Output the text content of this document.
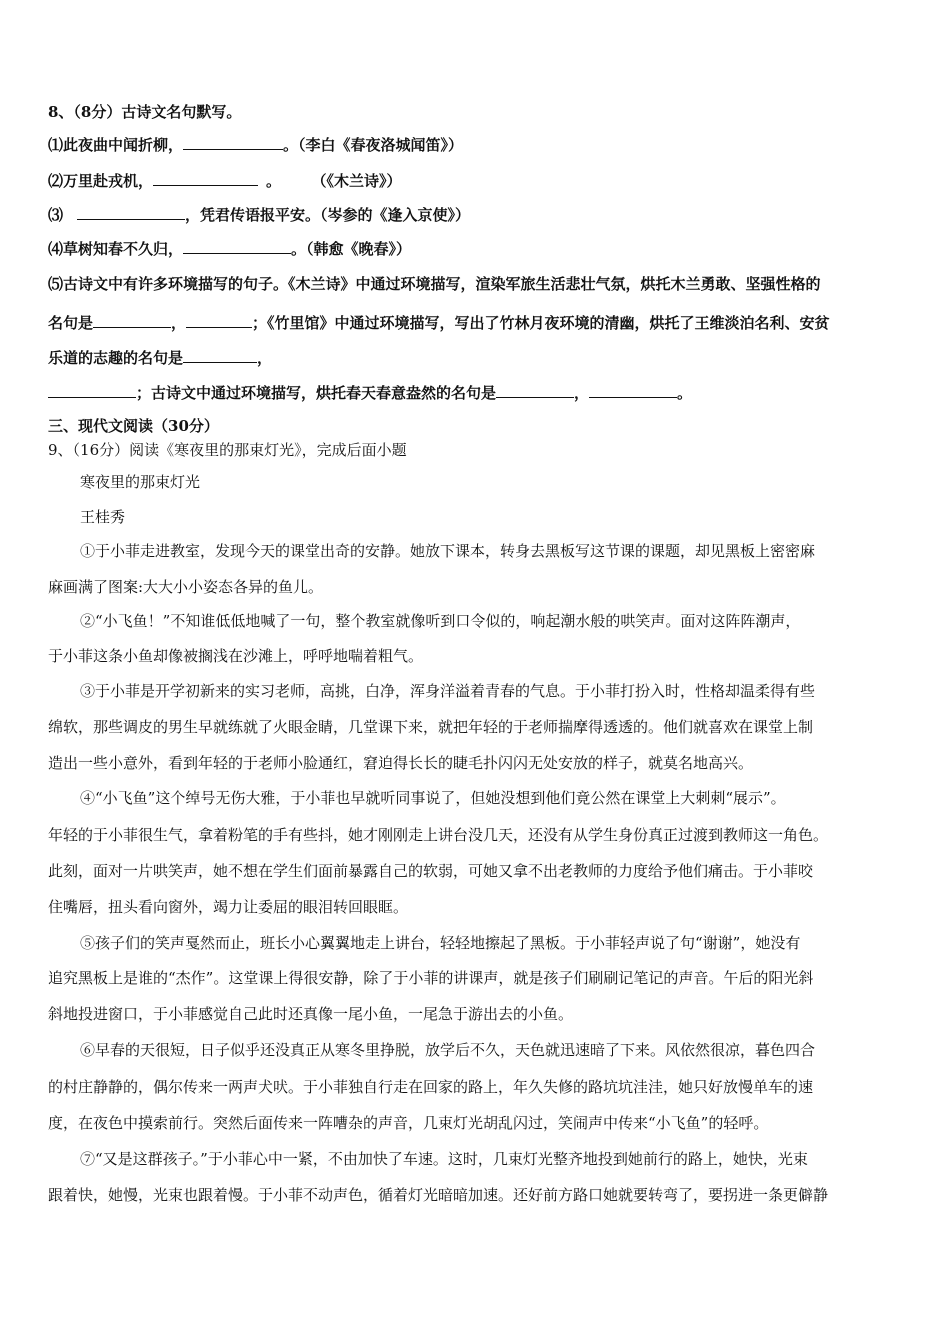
8、（8分）古诗文名句默写。

⑴此夜曲中闻折柳，	。（李白《春夜洛城闻笛》）

⑵万里赴戎机，	。	（《木兰诗》）

⑶	，凭君传语报平安。（岑参的《逢入京使》）

⑷草树知春不久归，	。（韩愈《晚春》）

⑸古诗文中有许多环境描写的句子。《木兰诗》中通过环境描写，渲染军旅生活悲壮气氛，烘托木兰勇敢、坚强性格的

名句是	，	；《竹里馆》中通过环境描写，写出了竹林月夜环境的清幽，烘托了王维淡泊名利、安贫

乐道的志趣的名句是	，

；古诗文中通过环境描写，烘托春天春意盎然的名句是	，	。

三、现代文阅读（30分）

9、（16分）阅读《寒夜里的那束灯光》，完成后面小题

寒夜里的那束灯光

王桂秀

①于小菲走进教室，发现今天的课堂出奇的安静。她放下课本，转身去黑板写这节课的课题，却见黑板上密密麻

麻画满了图案:大大小小姿态各异的鱼儿。

②“小飞鱼！”不知谁低低地喊了一句，整个教室就像听到口令似的，响起潮水般的哄笑声。面对这阵阵潮声，

于小菲这条小鱼却像被搁浅在沙滩上，呼呼地喘着粗气。

③于小菲是开学初新来的实习老师，高挑，白净，浑身洋溢着青春的气息。于小菲打扮入时，性格却温柔得有些

绵软，那些调皮的男生早就练就了火眼金睛，几堂课下来，就把年轻的于老师揣摩得透透的。他们就喜欢在课堂上制

造出一些小意外，看到年轻的于老师小脸通红，窘迫得长长的睫毛扑闪闪无处安放的样子，就莫名地高兴。

④“小飞鱼”这个绰号无伤大雅，于小菲也早就听同事说了，但她没想到他们竟公然在课堂上大刺刺“展示”。

年轻的于小菲很生气，拿着粉笔的手有些抖，她才刚刚走上讲台没几天，还没有从学生身份真正过渡到教师这一角色。

此刻，面对一片哄笑声，她不想在学生们面前暴露自己的软弱，可她又拿不出老教师的力度给予他们痛击。于小菲咬

住嘴唇，扭头看向窗外，竭力让委屈的眼泪转回眼眶。

⑤孩子们的笑声戛然而止，班长小心翼翼地走上讲台，轻轻地擦起了黑板。于小菲轻声说了句“谢谢”，她没有

追究黑板上是谁的“杰作”。这堂课上得很安静，除了于小菲的讲课声，就是孩子们刷刷记笔记的声音。午后的阳光斜

斜地投进窗口，于小菲感觉自己此时还真像一尾小鱼，一尾急于游出去的小鱼。

⑥早春的天很短，日子似乎还没真正从寒冬里挣脱，放学后不久，天色就迅速暗了下来。风依然很凉，暮色四合

的村庄静静的，偶尔传来一两声犬吠。于小菲独自行走在回家的路上，年久失修的路坑坑洼洼，她只好放慢单车的速

度，在夜色中摸索前行。突然后面传来一阵嘈杂的声音，几束灯光胡乱闪过，笑闹声中传来“小飞鱼”的轻呼。

⑦“又是这群孩子。”于小菲心中一紧，不由加快了车速。这时，几束灯光整齐地投到她前行的路上，她快，光束

跟着快，她慢，光束也跟着慢。于小菲不动声色，循着灯光暗暗加速。还好前方路口她就要转弯了，要拐进一条更僻静
